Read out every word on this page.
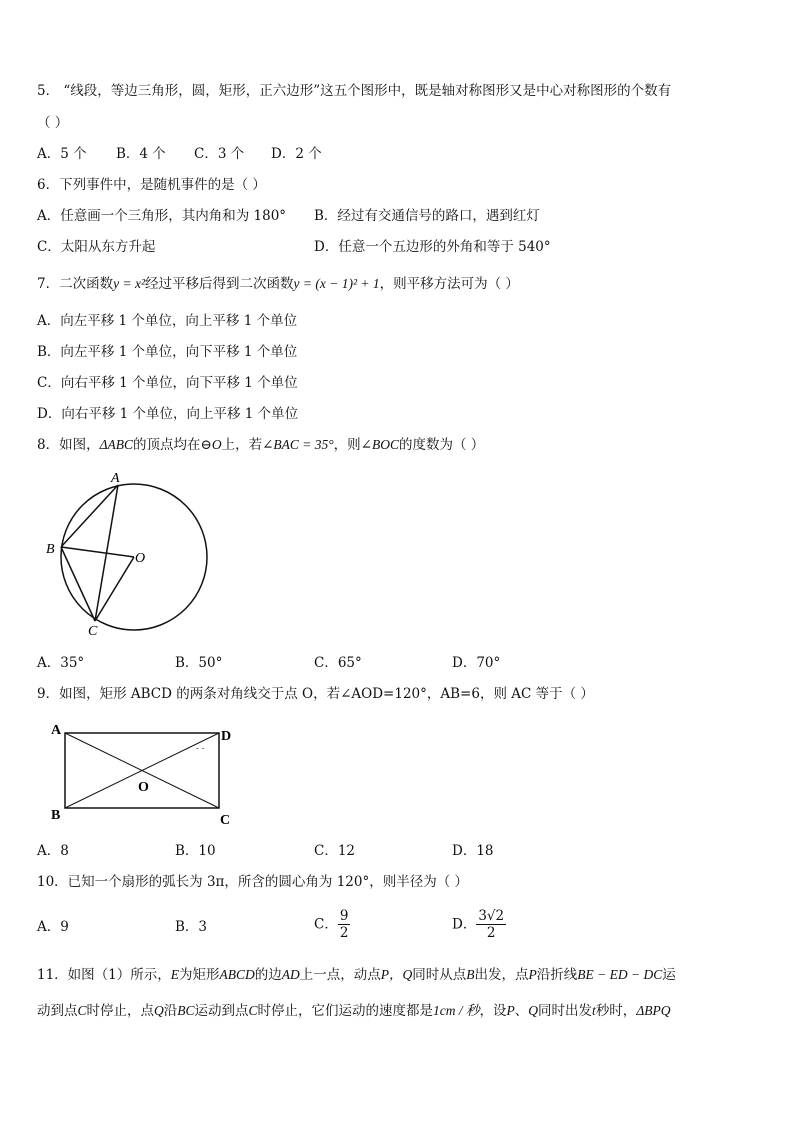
5． “线段，等边三角形，圆，矩形，正六边形”这五个图形中，既是轴对称图形又是中心对称图形的个数有
（ ）
A．5 个 B．4 个 C．3 个 D．2 个
6．下列事件中，是随机事件的是（ ）
A．任意画一个三角形，其内角和为 180° B．经过有交通信号的路口，遇到红灯
C．太阳从东方升起	D．任意一个五边形的外角和等于 540°
7．二次函数y = x²经过平移后得到二次函数y = (x − 1)² + 1，则平移方法可为（ ）
A．向左平移 1 个单位，向上平移 1 个单位
B．向左平移 1 个单位，向下平移 1 个单位
C．向右平移 1 个单位，向下平移 1 个单位
D．向右平移 1 个单位，向上平移 1 个单位
8．如图，ΔABC的顶点均在⊖O上，若∠BAC = 35°，则∠BOC的度数为（ ）
A
B
C
O
A．35°	B．50°	C．65°	D．70°
9．如图，矩形 ABCD 的两条对角线交于点 O，若∠AOD=120°，AB=6，则 AC 等于（ ）
- -
A
B	C
D
O
A．8	B．10	C．12	D．18
10．已知一个扇形的弧长为 3π，所含的圆心角为 120°，则半径为（ ）
A．9	B．3	C． $\frac{9}{2}$	D． $\frac{3√2}{2}$
11．如图（1）所示，E为矩形ABCD的边AD上一点，动点P，Q同时从点B出发，点P沿折线BE − ED − DC运
动到点C时停止，点Q沿BC运动到点C时停止，它们运动的速度都是1cm / 秒，设P、Q同时出发t秒时，ΔBPQ
